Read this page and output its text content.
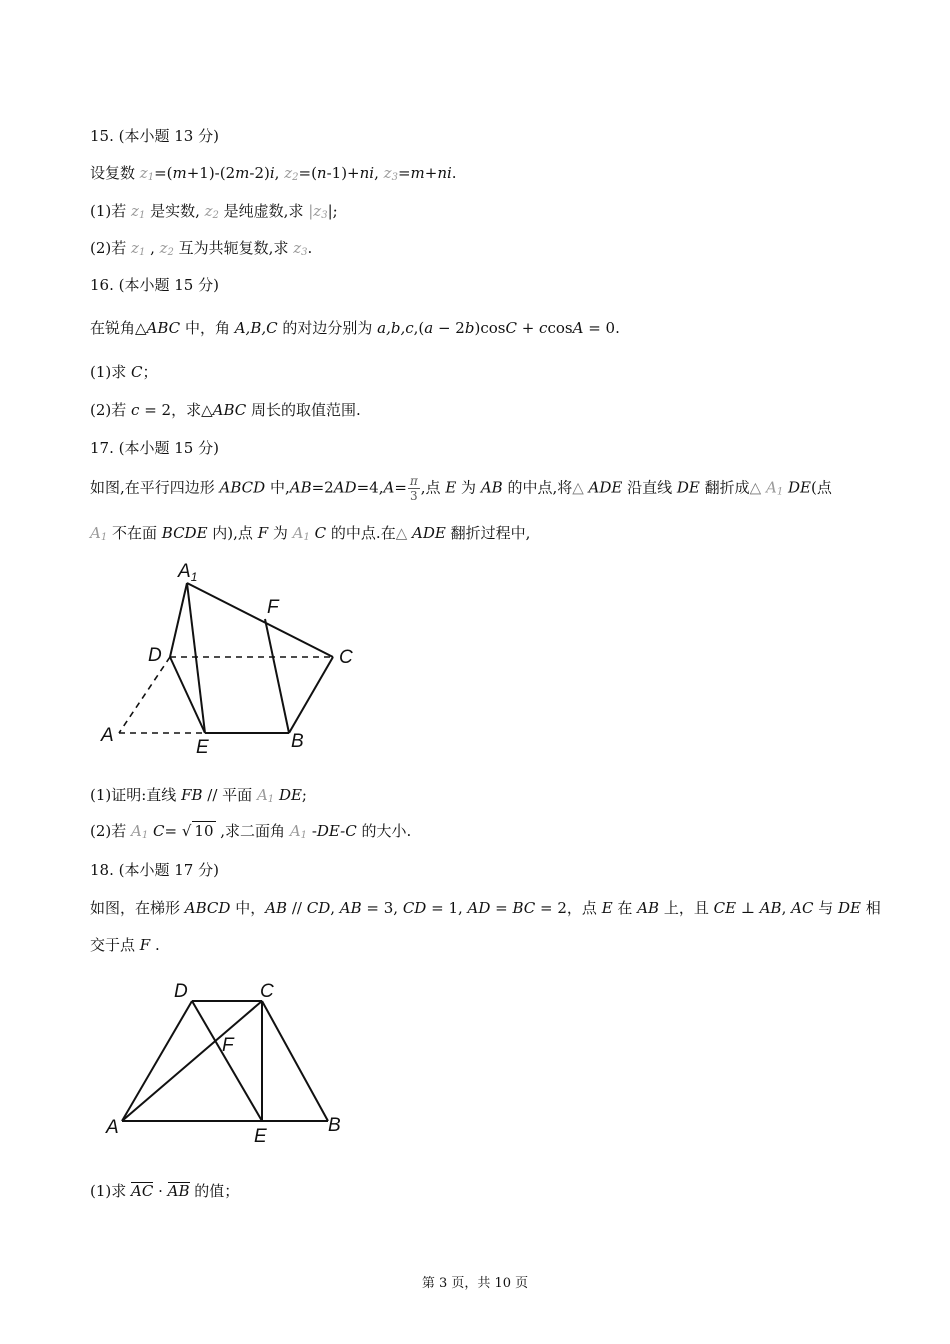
15. (本小题 13 分)
设复数 $z_1=(m+1)-(2m-2)i$, $z_2=(n-1)+ni$, $z_3=m+ni$.
(1)若 $z_1$ 是实数, $z_2$ 是纯虚数,求 $|z_3|$;
(2)若 $z_1$ , $z_2$ 互为共轭复数,求 $z_3$.
16. (本小题 15 分)
在锐角△ABC 中，角 A,B,C 的对边分别为 a,b,c,(a − 2b)cosC + ccosA = 0.
(1)求 C；
(2)若 c = 2，求△ABC 周长的取值范围.
17. (本小题 15 分)
如图,在平行四边形 ABCD 中$,AB=2AD=4,A= \frac{\pi}{3}$ ,点 E 为 AB 的中点,将△ ADE 沿直线 DE 翻折成△ $A_1$ DE(点
$A_1$ 不在面 BCDE 内),点 F 为 $A_1$ C 的中点.在△ ADE 翻折过程中,
$A_1$
F
D	C
A
E	B
(1)证明:直线 FB // 平面 $A_1$ DE;
(2)若 $A_1$ C= √ 10 ,求二面角 $A_1$ -DE-C 的大小.
18. (本小题 17 分)
如图，在梯形 ABCD 中，AB // CD, AB = 3, CD = 1, AD = BC = 2，点 E 在 AB 上，且 CE ⊥ AB, AC 与 DE 相
交于点 F .
D	C
F
A	E
B
(1)求 AC · AB 的值；
第 3 页，共 10 页
